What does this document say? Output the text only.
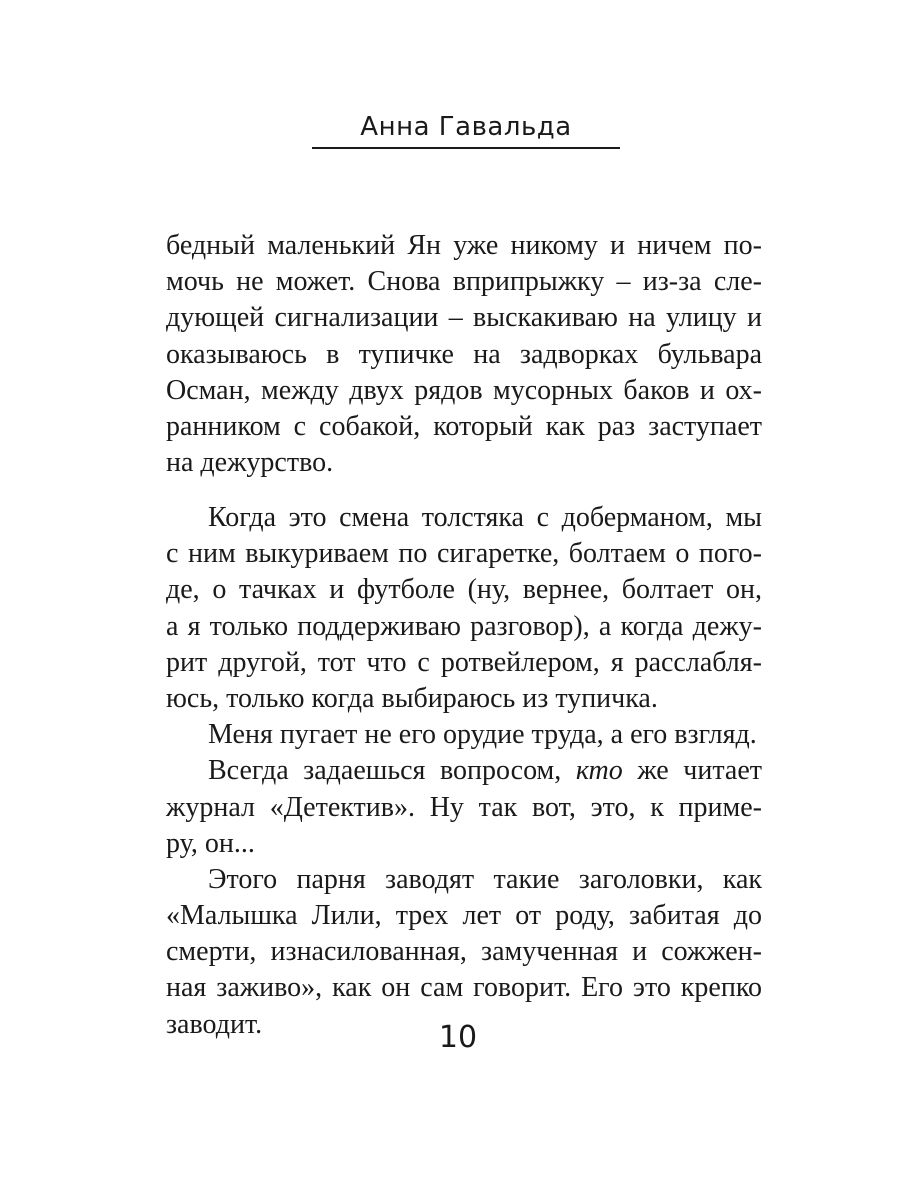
Анна Гавальда
бедный маленький Ян уже никому и ничем по-
мочь не может. Снова вприпрыжку – из-за сле-
дующей сигнализации – выскакиваю на улицу и
оказываюсь в тупичке на задворках бульвара
Осман, между двух рядов мусорных баков и ох-
ранником с собакой, который как раз заступает
на дежурство.
Когда это смена толстяка с доберманом, мы
с ним выкуриваем по сигаретке, болтаем о пого-
де, о тачках и футболе (ну, вернее, болтает он,
а я только поддерживаю разговор), а когда дежу-
рит другой, тот что с ротвейлером, я расслабля-
юсь, только когда выбираюсь из тупичка.
Меня пугает не его орудие труда, а его взгляд.
Всегда задаешься вопросом, кто же читает
журнал «Детектив». Ну так вот, это, к приме-
ру, он...
Этого парня заводят такие заголовки, как
«Малышка Лили, трех лет от роду, забитая до
смерти, изнасилованная, замученная и сожжен-
ная заживо», как он сам говорит. Его это крепко
заводит.	10
